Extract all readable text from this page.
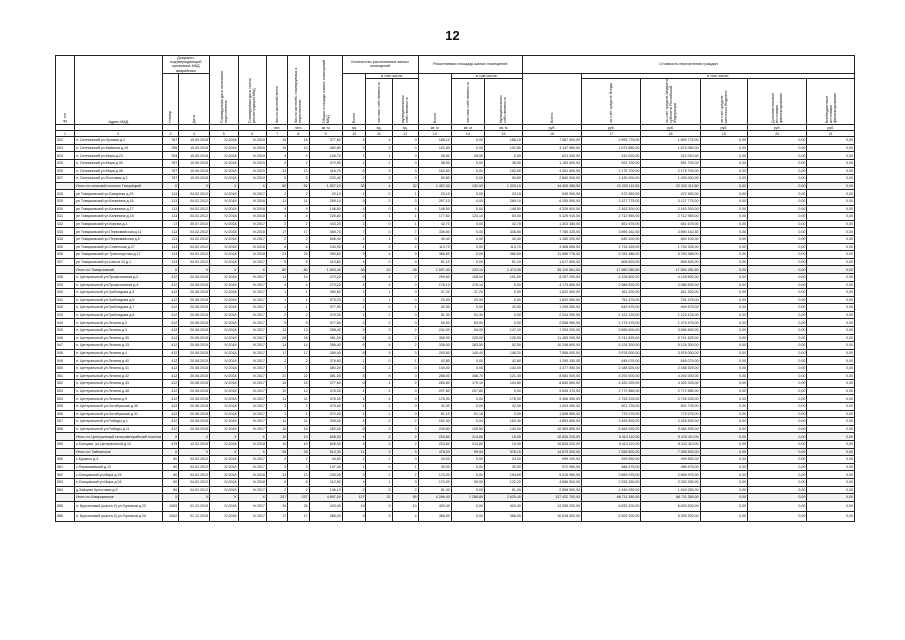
12
№ п/п	Адрес МКД	Документ, подтверждающий признание МКД аварийным		Планируемая дата окончания переселения	Планируемая дата сноса/реконструкции МКД	Число жителей всего	Число жителей, планируемых к переселению	Общая площадь жилых помещений МКД	Количество расселяемых жилых помещений			Расселяемая площадь жилых помещений			Стоимость переселения граждан					
		Номер	Дата						Всего	в том числе:		Всего	в том числе:		Всего:	в том числе:				
										частная собственность	муниципальная собственность		частная собственность	муниципальная собственность		за счет средств Фонда	за счет средств бюджета субъекта Российской Федерации	за счет средств местного бюджета	Дополнительные источники финансирования	Внебюджетные источники финансирования
						чел.	чел.	кв. м	ед.	ед.	ед.	кв. м	кв. м	кв. м	руб.	руб.	руб.	руб.	руб.	руб.
1	2	3	4	5	6	7	8	9	10	11	12	13	14	15	16	17	18	19	20	21
522	п. Сеннинский ул.Луговая д.2	787	10.09.2015	IV.2018	IV.2019	16	16	377,60	4	4	0	188,10	0,00	188,10	7 567 500,00	2 993 775,00	1 893 775,00	0,00	0,00	0,00
523	п. Сеннинский ул.Майская д.19	785	10.09.2015	IV.2018	IV.2019	16	13	462,80	2	2	0	102,80	0,00	102,80	3 147 960,00	1 573 880,00	1 574 080,00	0,00	0,00	0,00
524	п. Сеннинский ул.Мира д.23	783	10.09.2015	IV.2018	IV.2019	4	4	106,70	1	1	0	28,50	28,50	0,00	621 030,00	312 020,00	312 010,00	0,00	0,00	0,00
525	п. Сеннинский ул.Мира д.30	787	10.09.2015	IV.2018	IV.2019	2	2	472,90	1	1	0	38,90	0,00	38,90	1 183 400,00	591 700,00	591 700,00	0,00	0,00	0,00
526	п. Сеннинский ул.Мира д.36	787	10.09.2015	IV.2018	IV.2019	13	13	416,70	6	3	3	162,60	0,00	162,60	4 351 400,00	2 175 700,00	2 175 700,00	0,00	0,00	0,00
527	п. Сеннинский ул.Почтовая д.2	787	10.09.2015	IV.2018	IV.2019	5	5	232,40	2	2	0	90,80	0,00	90,80	2 860 000,00	1 430 000,00	1 430 000,00	0,00	0,00	0,00
	Итого по сельский поселок Тихорецкий	X	X	X	X	80	52	1 507,10	36	4	32	1 457,00	132,90	1 323,10	44 400 455,00	22 220 112,50	22 220 112,50	0,00	0,00	0,00
528	рп Товарковский ул.Базарная д.23	113	04.02.2012	IV.2018	IV.2017	2	2	23,10	1	0	1	23,10	0,00	23,10	945 900,00	472 950,00	472 950,00	0,00	0,00	0,00
529	рп Товарковский ул.Калинина д.16	113	04.02.2012	IV.2018	IV.2018	11	11	289,10	5	2	3	297,10	0,00	289,10	6 255 550,00	3 127 775,00	3 127 775,00	0,00	0,00	0,00
530	рп Товарковский ул.Калинина д.17	113	04.02.2012	IV.2018	IV.2018	9	9	148,50	4	0	4	148,50	0,00	148,50	4 326 600,00	2 163 300,00	2 163 300,00	0,00	0,00	0,00
531	рп Товарковский ул.Калинина д.18	113	04.02.2012	IV.2018	IV.2018	3	3	226,80	2	1	1	177,60	123,10	54,50	5 425 910,00	2 712 955,00	2 712 955,00	0,00	0,00	0,00
532	рп Товарковский ул.Кирова д.3	17	30.07.2010	IV.2018	IV.2017	2	2	443,20	1	0	1	42,70	0,00	42,70	1 303 350,00	651 675,00	651 675,00	0,00	0,00	0,00
533	рп Товарковский ул.Первомайская д.11	113	04.02.2012	IV.2018	IV.2018	17	17	369,70	7	0	7	336,60	0,00	336,60	7 780 325,00	3 890 162,50	3 890 162,50	0,00	0,00	0,00
534	рп Товарковский ул.Первомайская д.5	113	04.02.2012	IV.2018	IV.2017	2	2	606,40	1	1	0	40,40	0,00	40,40	1 280 200,00	640 100,00	640 100,00	0,00	0,00	0,00
535	рп Товарковский ул.Советская д.27	113	04.02.2012	IV.2018	IV.2018	6	6	243,90	4	2	2	113,70	0,00	113,70	3 468 650,00	1 734 325,00	1 734 325,00	0,00	0,00	0,00
536	рп Товарковский ул.Транспортная д.17	113	04.02.2012	IV.2018	IV.2018	23	23	390,60	9	4	5	366,60	0,00	366,60	11 566 776,00	5 783 388,00	5 783 388,00	0,00	0,00	0,00
537	рп Товарковский ул.Шахта 14 д.1	113	04.02.2012	IV.2018	IV.2017	5	5	413,80	4	0	4	51,10	0,00	51,10	1 617 650,00	808 825,00	808 825,00	0,00	0,00	0,00
	Итого по Товарковский	X	X	X	X	80	80	1 893,40	38	10	28	1 597,40	123,10	1 474,30	35 120 561,00	17 560 280,50	17 560 280,50	0,00	0,00	0,00
538	п. Центральный ул.Профсоюзная д.2	412	20.08.2015	IV.2018	IV.2017	14	14	373,20	6	4	2	299,60	108,00	191,60	8 257 200,00	4 128 600,00	4 128 600,00	0,00	0,00	0,00
539	п. Центральный ул.Профсоюзная д.4	412	20.08.2015	IV.2018	IV.2017	4	4	273,20	4	4	0	178,10	178,10	0,00	4 173 650,00	2 086 825,00	2 086 825,00	0,00	0,00	0,00
540	п. Центральный ул.Грибоедова д.4	412	20.08.2015	IV.2018	IV.2017	1	1	360,60	1	1	0	37,20	37,20	0,00	1 622 400,00	811 200,00	811 200,00	0,00	0,00	0,00
541	п. Центральный ул.Грибоедова д.5	412	20.08.2015	IV.2018	IV.2017	1	1	375,20	1	1	0	20,90	20,90	0,00	1 502 950,00	751 475,00	751 475,00	0,00	0,00	0,00
542	п. Центральный ул.Грибоедова д.7	412	20.08.2015	IV.2018	IV.2017	1	1	377,90	1	0	1	42,50	0,00	42,50	1 299 350,00	649 675,00	649 675,00	0,00	0,00	0,00
543	п. Центральный ул.Грибоедова д.8	412	20.08.2015	IV.2018	IV.2017	2	2	375,30	1	1	0	51,30	51,30	0,00	2 244 250,00	1 122 125,00	1 122 125,00	0,00	0,00	0,00
544	п. Центральный ул.Ленина д.2	412	20.08.2015	IV.2018	IV.2017	5	5	377,60	2	2	0	83,90	83,90	0,00	2 558 950,00	1 279 475,00	1 279 475,00	0,00	0,00	0,00
545	п. Центральный ул.Ленина д.3	412	20.08.2015	IV.2018	IV.2017	13	13	358,40	5	3	2	242,00	94,90	147,10	7 393 200,00	3 696 600,00	3 696 600,00	0,00	0,00	0,00
546	п. Центральный ул.Ленина д.35	412	20.08.2015	IV.2018	IV.2017	28	28	451,00	8	6	2	356,90	228,00	128,90	11 483 250,00	5 741 625,00	5 741 625,00	0,00	0,00	0,00
547	п. Центральный ул.Ленина д.33	412	20.08.2015	IV.2018	IV.2017	14	14	356,40	6	4	2	336,00	283,50	52,50	10 248 600,00	5 124 300,00	5 124 300,00	0,00	0,00	0,00
548	п. Центральный ул.Ленина д.4	412	20.08.2015	IV.2018	IV.2017	17	17	359,40	8	5	3	293,60	145,40	148,20	7 956 000,00	3 978 000,00	3 978 000,00	0,00	0,00	0,00
549	п. Центральный ул.Ленина д.40	412	20.08.2015	IV.2018	IV.2017	2	2	376,60	1	0	1	42,80	0,00	42,80	1 290 150,00	645 075,00	645 075,00	0,00	0,00	0,00
550	п. Центральный ул.Ленина д.41	412	20.08.2015	IV.2018	IV.2017	7	7	380,20	2	2	0	144,00	0,00	144,00	4 377 050,00	2 188 525,00	2 188 525,00	0,00	0,00	0,00
551	п. Центральный ул.Ленина д.42	412	20.08.2015	IV.2018	IV.2017	22	22	381,00	8	8	0	288,00	166,70	121,30	8 584 000,00	4 292 000,00	4 292 000,00	0,00	0,00	0,00
552	п. Центральный ул.Ленина д.43	412	20.08.2015	IV.2018	IV.2017	15	15	377,60	6	4	2	283,80	179,10	104,80	8 640 650,00	4 320 325,00	4 320 325,00	0,00	0,00	0,00
553	п. Центральный ул.Ленина д.48	412	20.08.2015	IV.2018	IV.2017	12	12	378,00	4	4	0	207,80	207,80	0,00	5 545 170,00	2 772 585,00	2 772 585,00	0,00	0,00	0,00
554	п. Центральный ул.Ленина д.9	412	20.08.2015	IV.2018	IV.2017	11	11	378,30	4	4	0	178,90	0,00	178,90	5 456 450,00	2 728 225,00	2 728 225,00	0,00	0,00	0,00
555	п. Центральный ул.Октябрьская д.35	412	20.08.2015	IV.2018	IV.2017	3	3	375,40	1	1	0	32,90	0,00	32,90	1 003 450,00	501 725,00	501 725,00	0,00	0,00	0,00
556	п. Центральный ул.Октябрьская д.31	412	20.08.2015	IV.2018	IV.2017	1	1	372,00	1	1	0	51,10	51,10	0,00	1 558 550,00	779 275,00	779 275,00	0,00	0,00	0,00
557	п. Центральный ул.Победы д.1	412	20.08.2015	IV.2018	IV.2017	11	11	305,30	4	2	2	162,40	0,00	162,40	4 853 650,00	2 426 825,00	2 426 825,00	0,00	0,00	0,00
558	п. Центральный ул.Победы д.11	412	20.08.2015	IV.2018	IV.2017	16	16	282,30	6	3	3	249,80	105,80	144,00	10 969 850,00	5 484 925,00	5 484 925,00	0,00	0,00	0,00
	Итого по Центральный сельсовет/рабочий поселок	X	X	X	X	10	10	608,30	4	2	2	233,60	214,60	19,00	10 826 220,00	5 413 110,00	5 413 110,00	0,00	0,00	0,00
559	с.Сенцово, ул.Центральный д.12	479	12.02.2019	IV.2018	IV.2018	10	10	608,30	4	2	2	233,60	214,60	19,00	10 826 220,00	5 413 110,00	5 413 110,00	0,00	0,00	0,00
	Итого по Тайнинское	X	X	X	X	28	28	513,30	11	2	9	478,00	99,90	378,10	14 579 000,00	7 289 500,00	7 289 500,00	0,00	0,00	0,00
560	с.Куркино д.4	80	04.02.2012	IV.2018	IV.2017	2	2	44,60	1	1	0	24,00	0,00	24,00	999 100,00	499 550,00	499 550,00	0,00	0,00	0,00
561	с.Первомайский д.12	80	04.02.2012	IV.2018	IV.2017	3	3	147,40	1	0	1	30,00	0,00	30,00	972 950,00	486 475,00	486 475,00	0,00	0,00	0,00
562	с.Сенцовский ул.Мира д.15	80	04.02.2012	IV.2018	IV.2018	13	13	230,00	3	1	2	173,00	0,00	194,50	5 319 950,00	2 659 975,00	2 659 975,00	0,00	0,00	0,00
563	с.Сенцовский ул.Мира д.16	80	04.02.2012	IV.2018	IV.2018	8	8	112,50	4	1	3	170,00	99,90	122,20	4 666 500,00	2 333 250,00	2 333 250,00	0,00	0,00	0,00
564	д.Зайцево Крестовая д.9	80	04.02.2012	IV.2018	IV.2017	2	2	146,10	2	0	2	81,00	0,00	81,00	2 898 500,00	1 449 250,00	1 449 250,00	0,00	0,00	0,00
	Итого по Шварцевское	X	X	X	X	237	237	4 897,00	127	32	95	4 266,40	1 288,80	2 625,40	137 422 700,00	68 711 350,00	68 711 350,00	0,00	0,00	0,00
565	п. Брусяновый (шахта 4) ул.Горняков д.23	1062	01.12.2015	IV.2018	IV.2017	26	26	420,40	19	9	10	420,40	0,00	420,40	13 255 200,00	6 633 200,00	6 633 200,00	0,00	0,00	0,00
566	п. Брусяновый (шахта 4) ул.Горняков д.24	1062	01.12.2015	IV.2018	IV.2017	17	17	366,00	9	5	4	366,00	0,00	366,00	10 618 400,00	5 309 200,00	5 309 200,00	0,00	0,00	0,00
